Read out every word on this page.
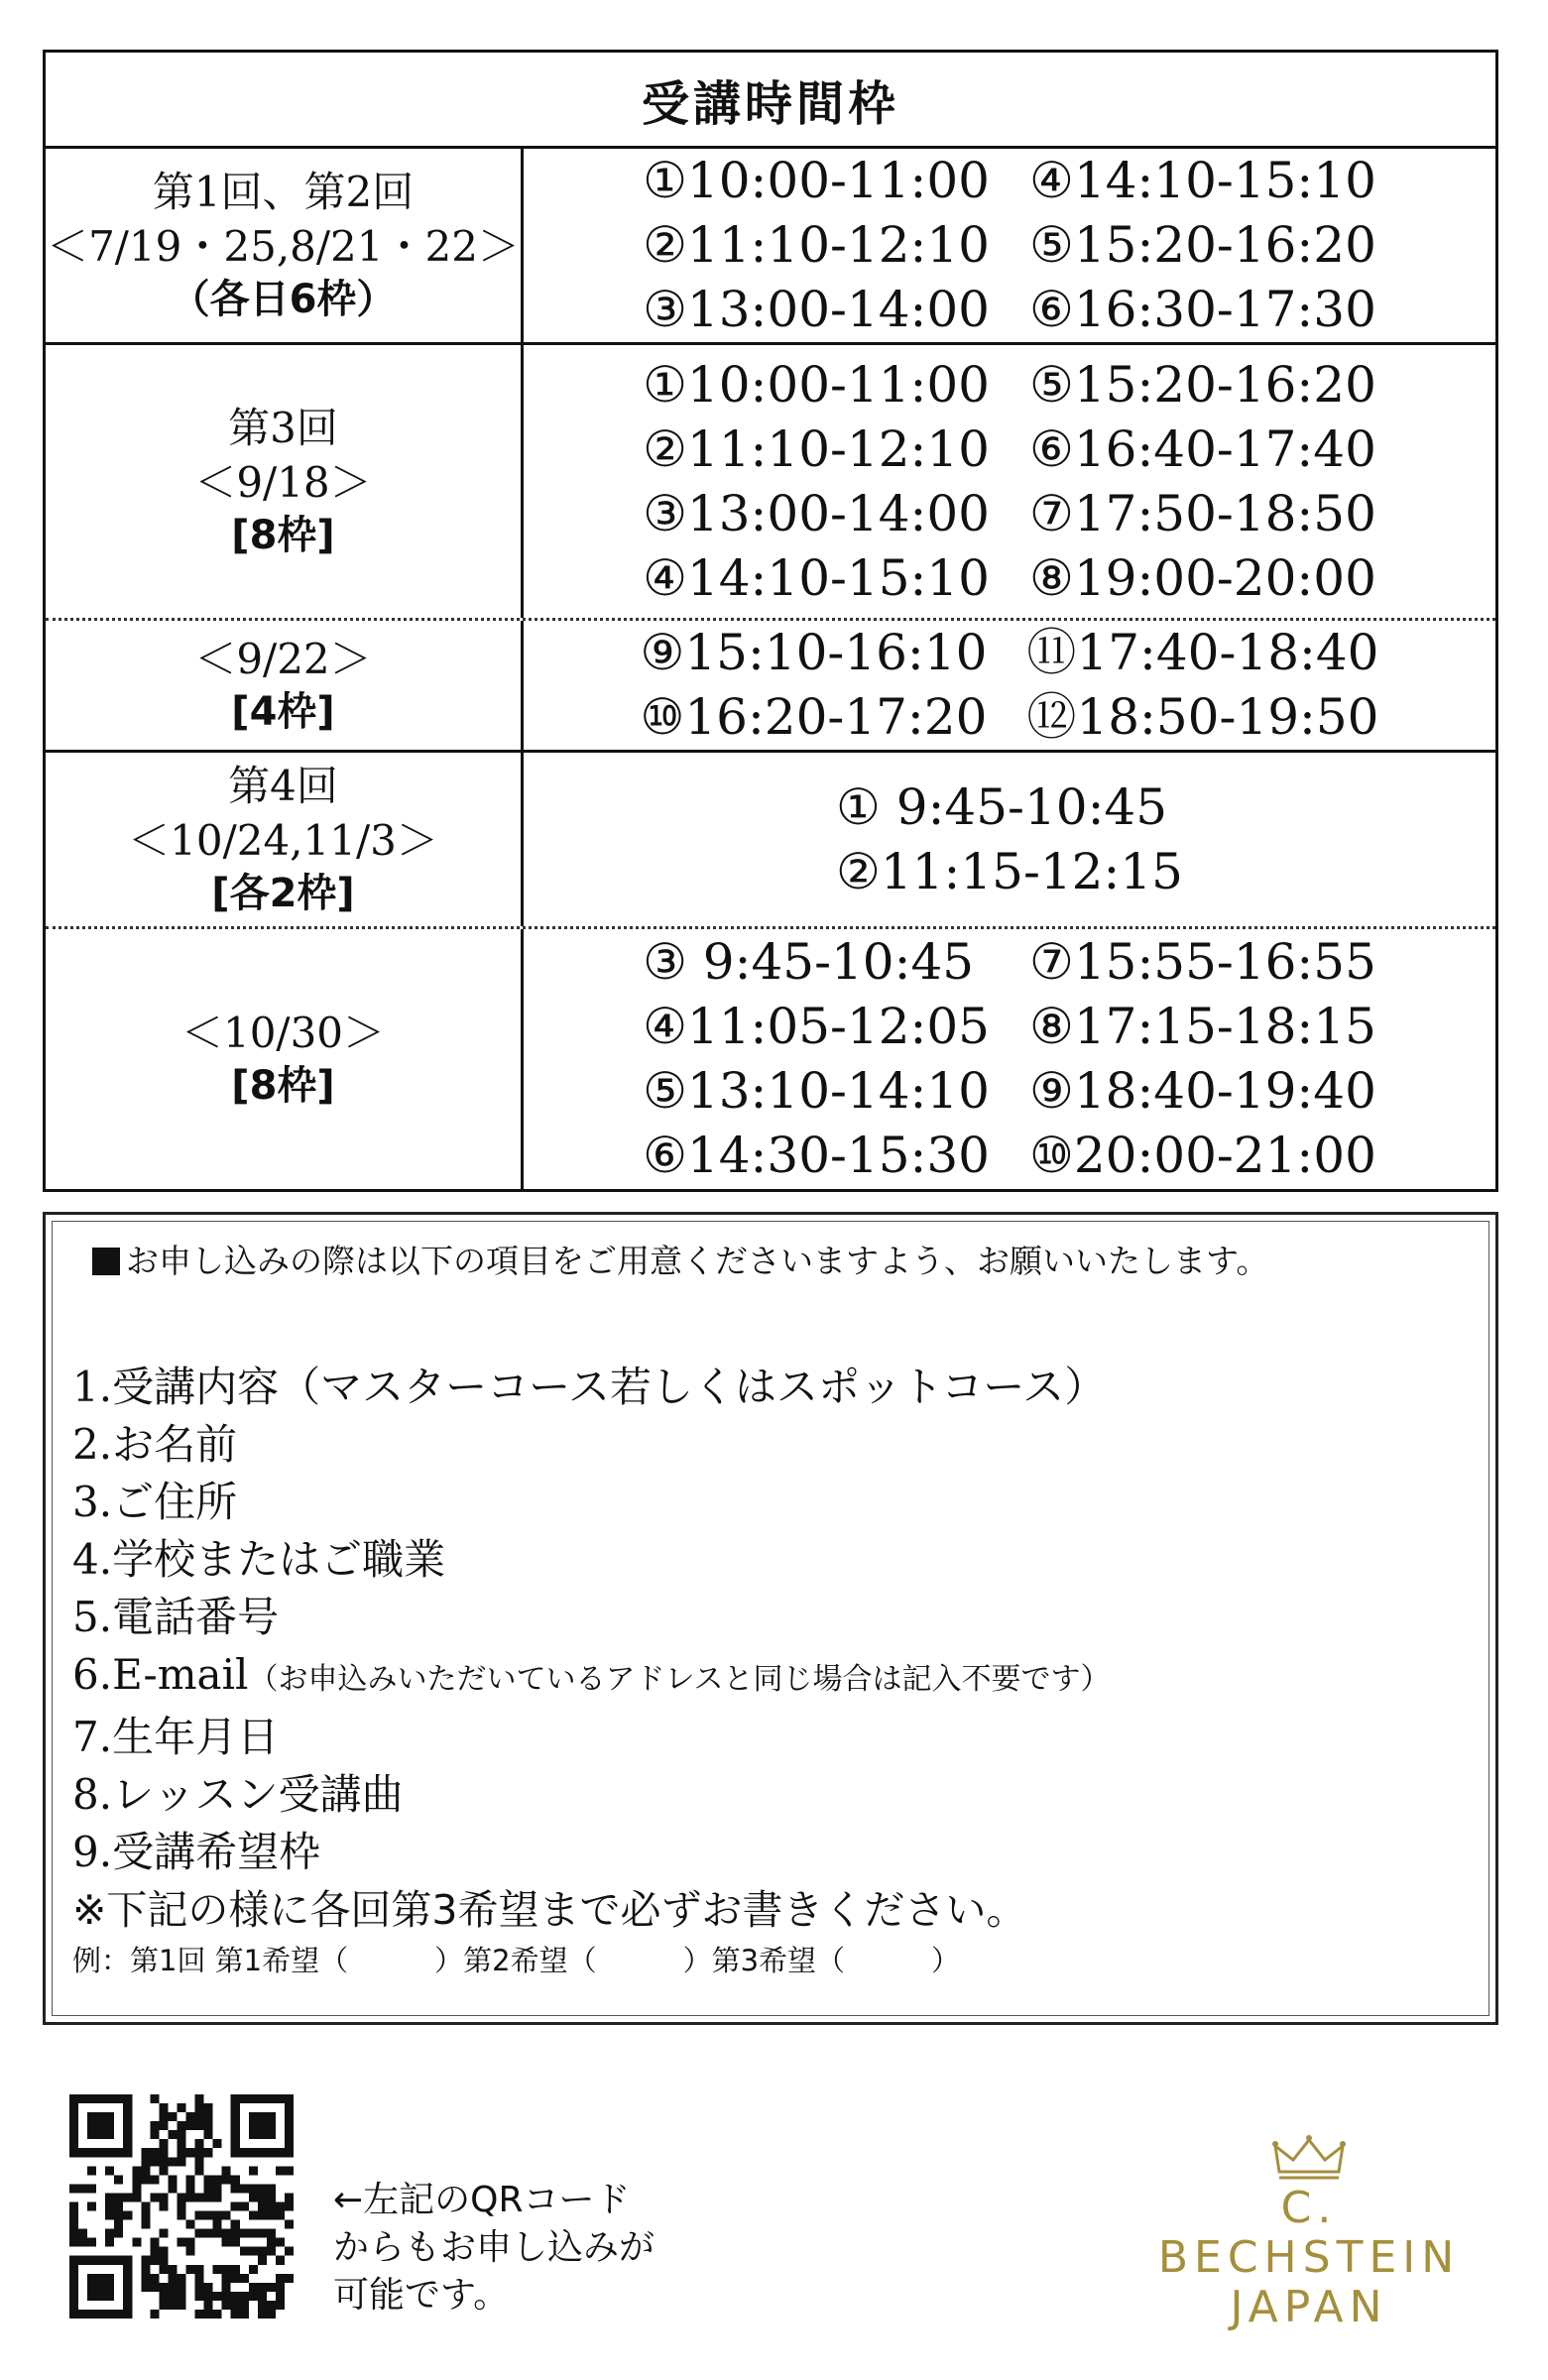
受講時間枠
第1回、第2回
＜7/19・25,8/21・22＞
（各日6枠）
①10:00-11:00 ④14:10-15:10
②11:10-12:10 ⑤15:20-16:20
③13:00-14:00 ⑥16:30-17:30
第3回
＜9/18＞
[8枠]
①10:00-11:00 ⑤15:20-16:20
②11:10-12:10 ⑥16:40-17:40
③13:00-14:00 ⑦17:50-18:50
④14:10-15:10 ⑧19:00-20:00
＜9/22＞
[4枠]
⑨15:10-16:10 ⑪17:40-18:40
⑩16:20-17:20 ⑫18:50-19:50
第4回
＜10/24,11/3＞
[各2枠]
① 9:45-10:45
②11:15-12:15
＜10/30＞
[8枠]
③ 9:45-10:45	⑦15:55-16:55
④11:05-12:05 ⑧17:15-18:15
⑤13:10-14:10 ⑨18:40-19:40
⑥14:30-15:30 ⑩20:00-21:00
お申し込みの際は以下の項目をご用意くださいますよう、お願いいたします。
1.受講内容（マスターコース若しくはスポットコース）
2.お名前
3.ご住所
4.学校またはご職業
5.電話番号
6.E-mail（お申込みいただいているアドレスと同じ場合は記入不要です）
7.生年月日
8.レッスン受講曲
9.受講希望枠
※下記の様に各回第3希望まで必ずお書きください。
例：第1回 第1希望（　　　）第2希望（　　　）第3希望（　　　）
←左記のQRコード
からもお申し込みが
可能です。
C. BECHSTEIN
JAPAN
